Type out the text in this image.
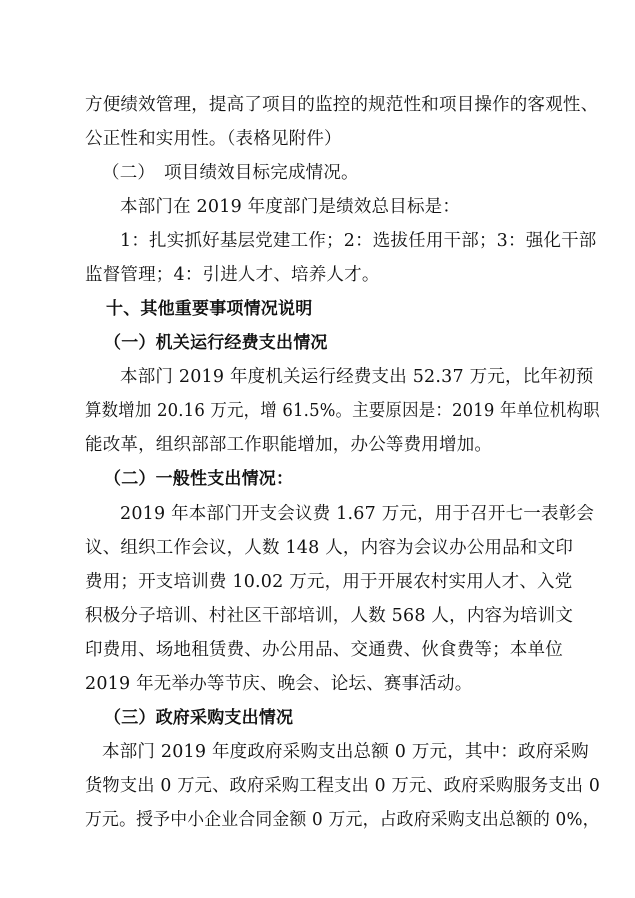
方便绩效管理，提高了项目的监控的规范性和项目操作的客观性、
公正性和实用性。（表格见附件）
（二）　项目绩效目标完成情况。
本部门在 2019 年度部门是绩效总目标是：
1：扎实抓好基层党建工作；2：选拔任用干部；3：强化干部
监督管理；4：引进人才、培养人才。
十、其他重要事项情况说明
（一）机关运行经费支出情况
本部门 2019 年度机关运行经费支出 52.37 万元，比年初预
算数增加 20.16 万元，增 61.5%。主要原因是：2019 年单位机构职
能改革，组织部部工作职能增加，办公等费用增加。
（二）一般性支出情况：
2019 年本部门开支会议费 1.67 万元，用于召开七一表彰会
议、组织工作会议，人数 148 人，内容为会议办公用品和文印
费用；开支培训费 10.02 万元，用于开展农村实用人才、入党
积极分子培训、村社区干部培训，人数 568 人，内容为培训文
印费用、场地租赁费、办公用品、交通费、伙食费等；本单位
2019 年无举办等节庆、晚会、论坛、赛事活动。
（三）政府采购支出情况
本部门 2019 年度政府采购支出总额 0 万元，其中：政府采购
货物支出 0 万元、政府采购工程支出 0 万元、政府采购服务支出 0
万元。授予中小企业合同金额 0 万元，占政府采购支出总额的 0%，
